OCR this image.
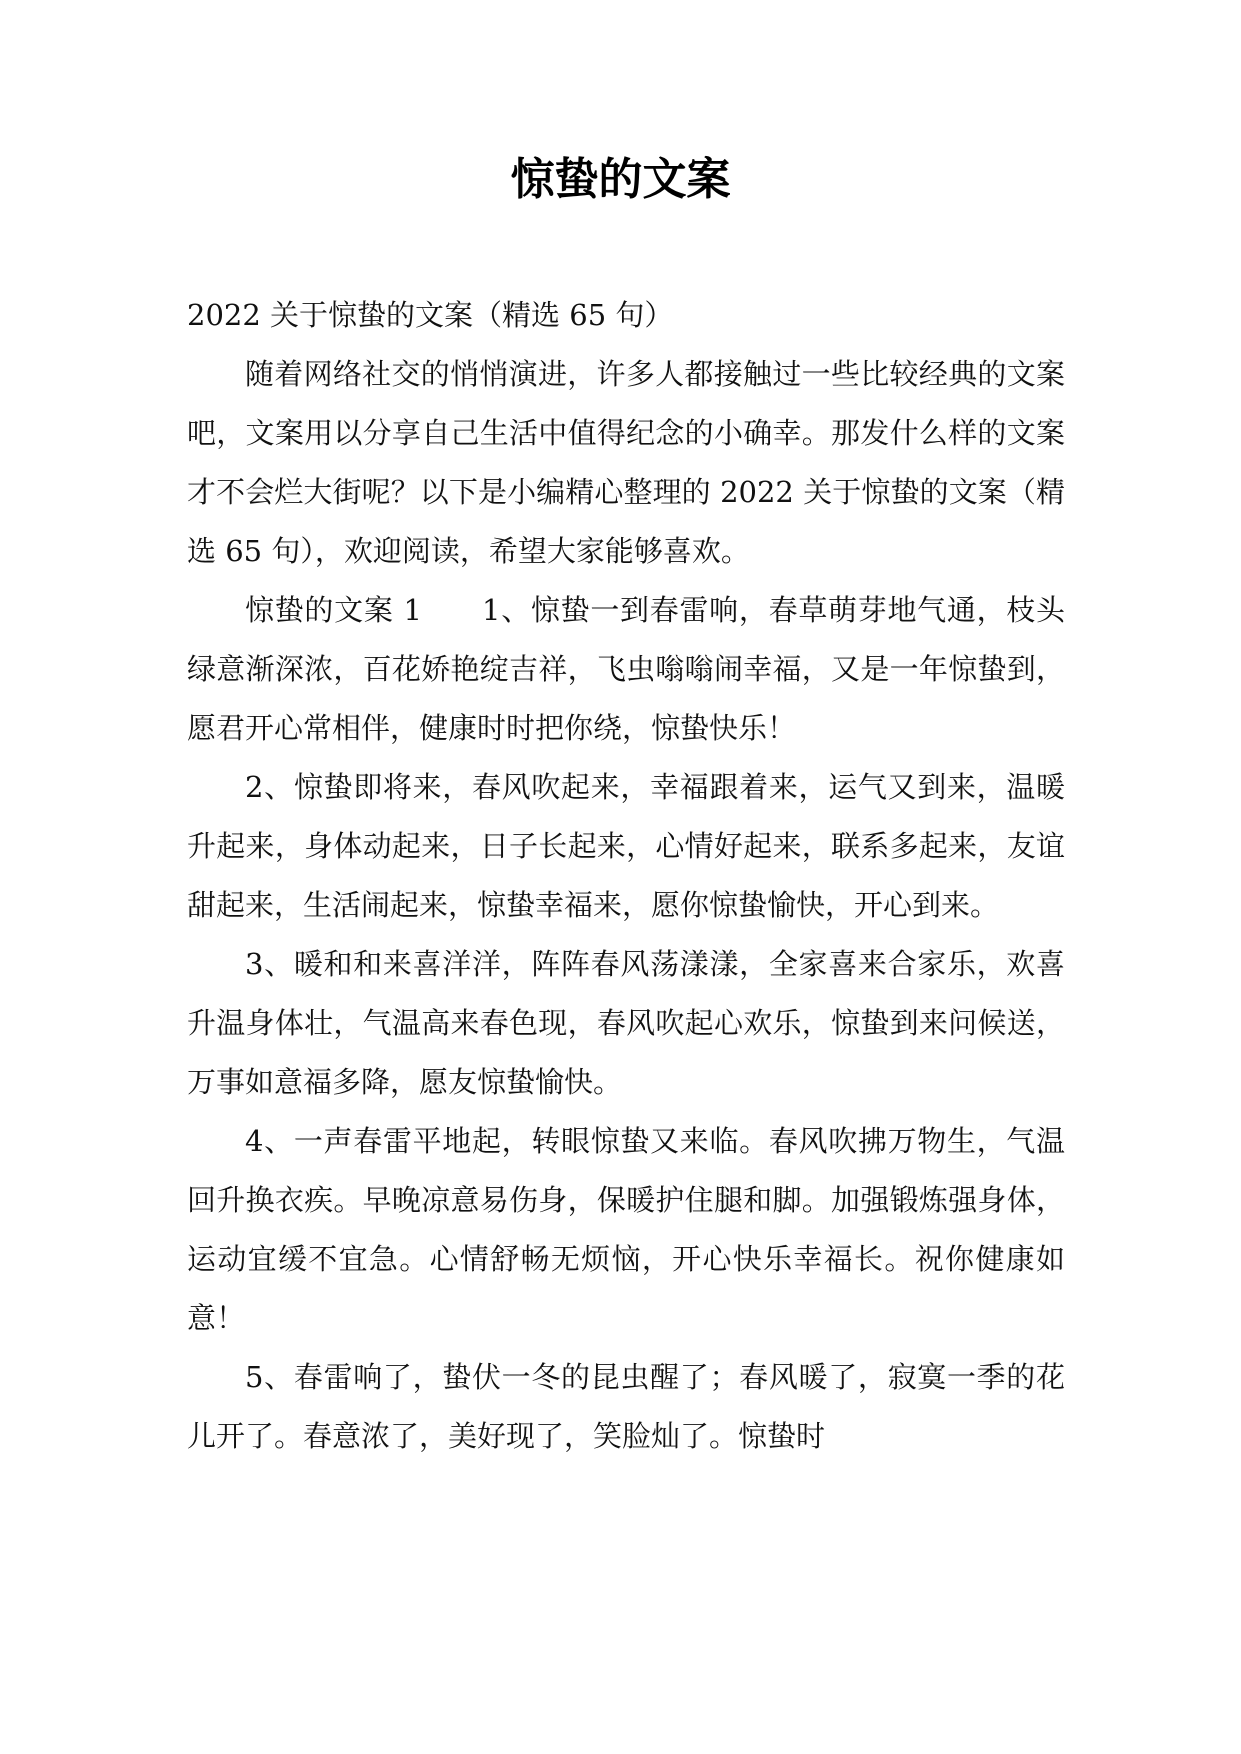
惊蛰的文案

2022 关于惊蛰的文案（精选 65 句）

随着网络社交的悄悄演进，许多人都接触过一些比较经典的文案吧，文案用以分享自己生活中值得纪念的小确幸。那发什么样的文案才不会烂大街呢？以下是小编精心整理的 2022 关于惊蛰的文案（精选 65 句），欢迎阅读，希望大家能够喜欢。

惊蛰的文案 1　　1、惊蛰一到春雷响，春草萌芽地气通，枝头绿意渐深浓，百花娇艳绽吉祥，飞虫嗡嗡闹幸福，又是一年惊蛰到，愿君开心常相伴，健康时时把你绕，惊蛰快乐！

2、惊蛰即将来，春风吹起来，幸福跟着来，运气又到来，温暖升起来，身体动起来，日子长起来，心情好起来，联系多起来，友谊甜起来，生活闹起来，惊蛰幸福来，愿你惊蛰愉快，开心到来。

3、暖和和来喜洋洋，阵阵春风荡漾漾，全家喜来合家乐，欢喜升温身体壮，气温高来春色现，春风吹起心欢乐，惊蛰到来问候送，万事如意福多降，愿友惊蛰愉快。

4、一声春雷平地起，转眼惊蛰又来临。春风吹拂万物生，气温回升换衣疾。早晚凉意易伤身，保暖护住腿和脚。加强锻炼强身体，运动宜缓不宜急。心情舒畅无烦恼，开心快乐幸福长。祝你健康如意！

5、春雷响了，蛰伏一冬的昆虫醒了；春风暖了，寂寞一季的花儿开了。春意浓了，美好现了，笑脸灿了。惊蛰时
